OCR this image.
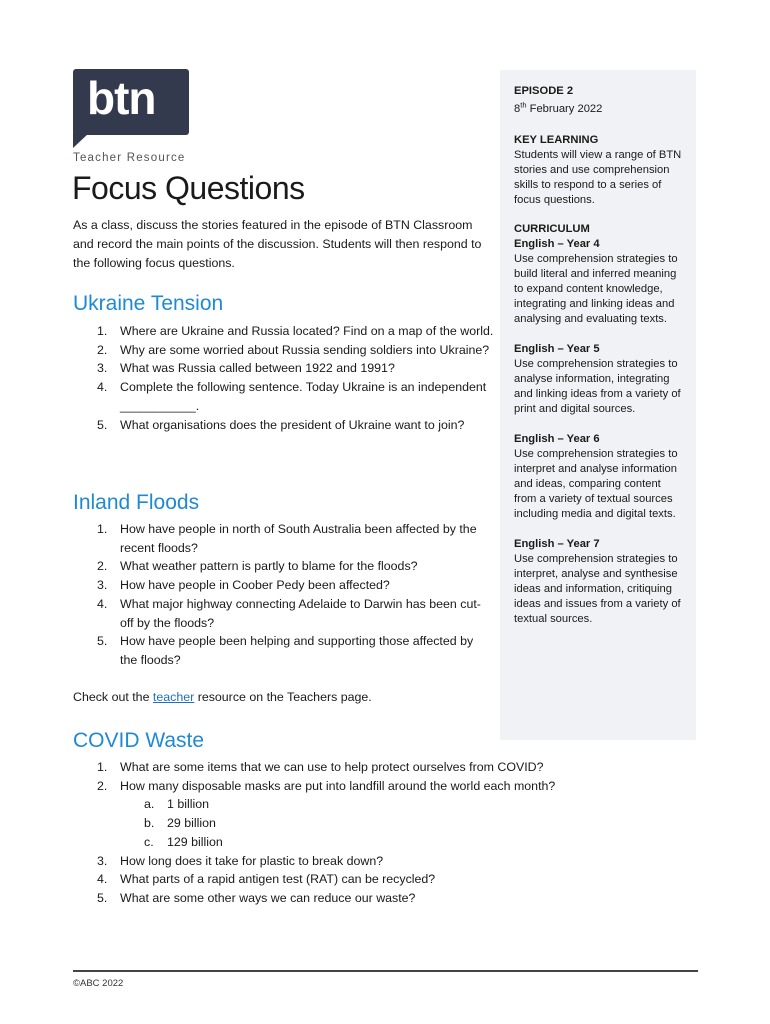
btn
Teacher Resource
Focus Questions

As a class, discuss the stories featured in the episode of BTN Classroom and record the main points of the discussion. Students will then respond to the following focus questions.

Ukraine Tension
1. Where are Ukraine and Russia located? Find on a map of the world.
2. Why are some worried about Russia sending soldiers into Ukraine?
3. What was Russia called between 1922 and 1991?
4. Complete the following sentence. Today Ukraine is an independent ___________.
5. What organisations does the president of Ukraine want to join?
Inland Floods
1. How have people in north of South Australia been affected by the recent floods?
2. What weather pattern is partly to blame for the floods?
3. How have people in Coober Pedy been affected?
4. What major highway connecting Adelaide to Darwin has been cut-off by the floods?
5. How have people been helping and supporting those affected by the floods?

Check out the teacher resource on the Teachers page.

COVID Waste
1. What are some items that we can use to help protect ourselves from COVID?
2. How many disposable masks are put into landfill around the world each month?
a. 1 billion
b. 29 billion
c. 129 billion
3. How long does it take for plastic to break down?
4. What parts of a rapid antigen test (RAT) can be recycled?
5. What are some other ways we can reduce our waste?

EPISODE 2

8th February 2022

KEY LEARNING

Students will view a range of BTN stories and use comprehension skills to respond to a series of focus questions.

CURRICULUM

English – Year 4

Use comprehension strategies to build literal and inferred meaning to expand content knowledge, integrating and linking ideas and analysing and evaluating texts.

English – Year 5

Use comprehension strategies to analyse information, integrating and linking ideas from a variety of print and digital sources.

English – Year 6

Use comprehension strategies to interpret and analyse information and ideas, comparing content from a variety of textual sources including media and digital texts.

English – Year 7

Use comprehension strategies to interpret, analyse and synthesise ideas and information, critiquing ideas and issues from a variety of textual sources.

©ABC 2022
